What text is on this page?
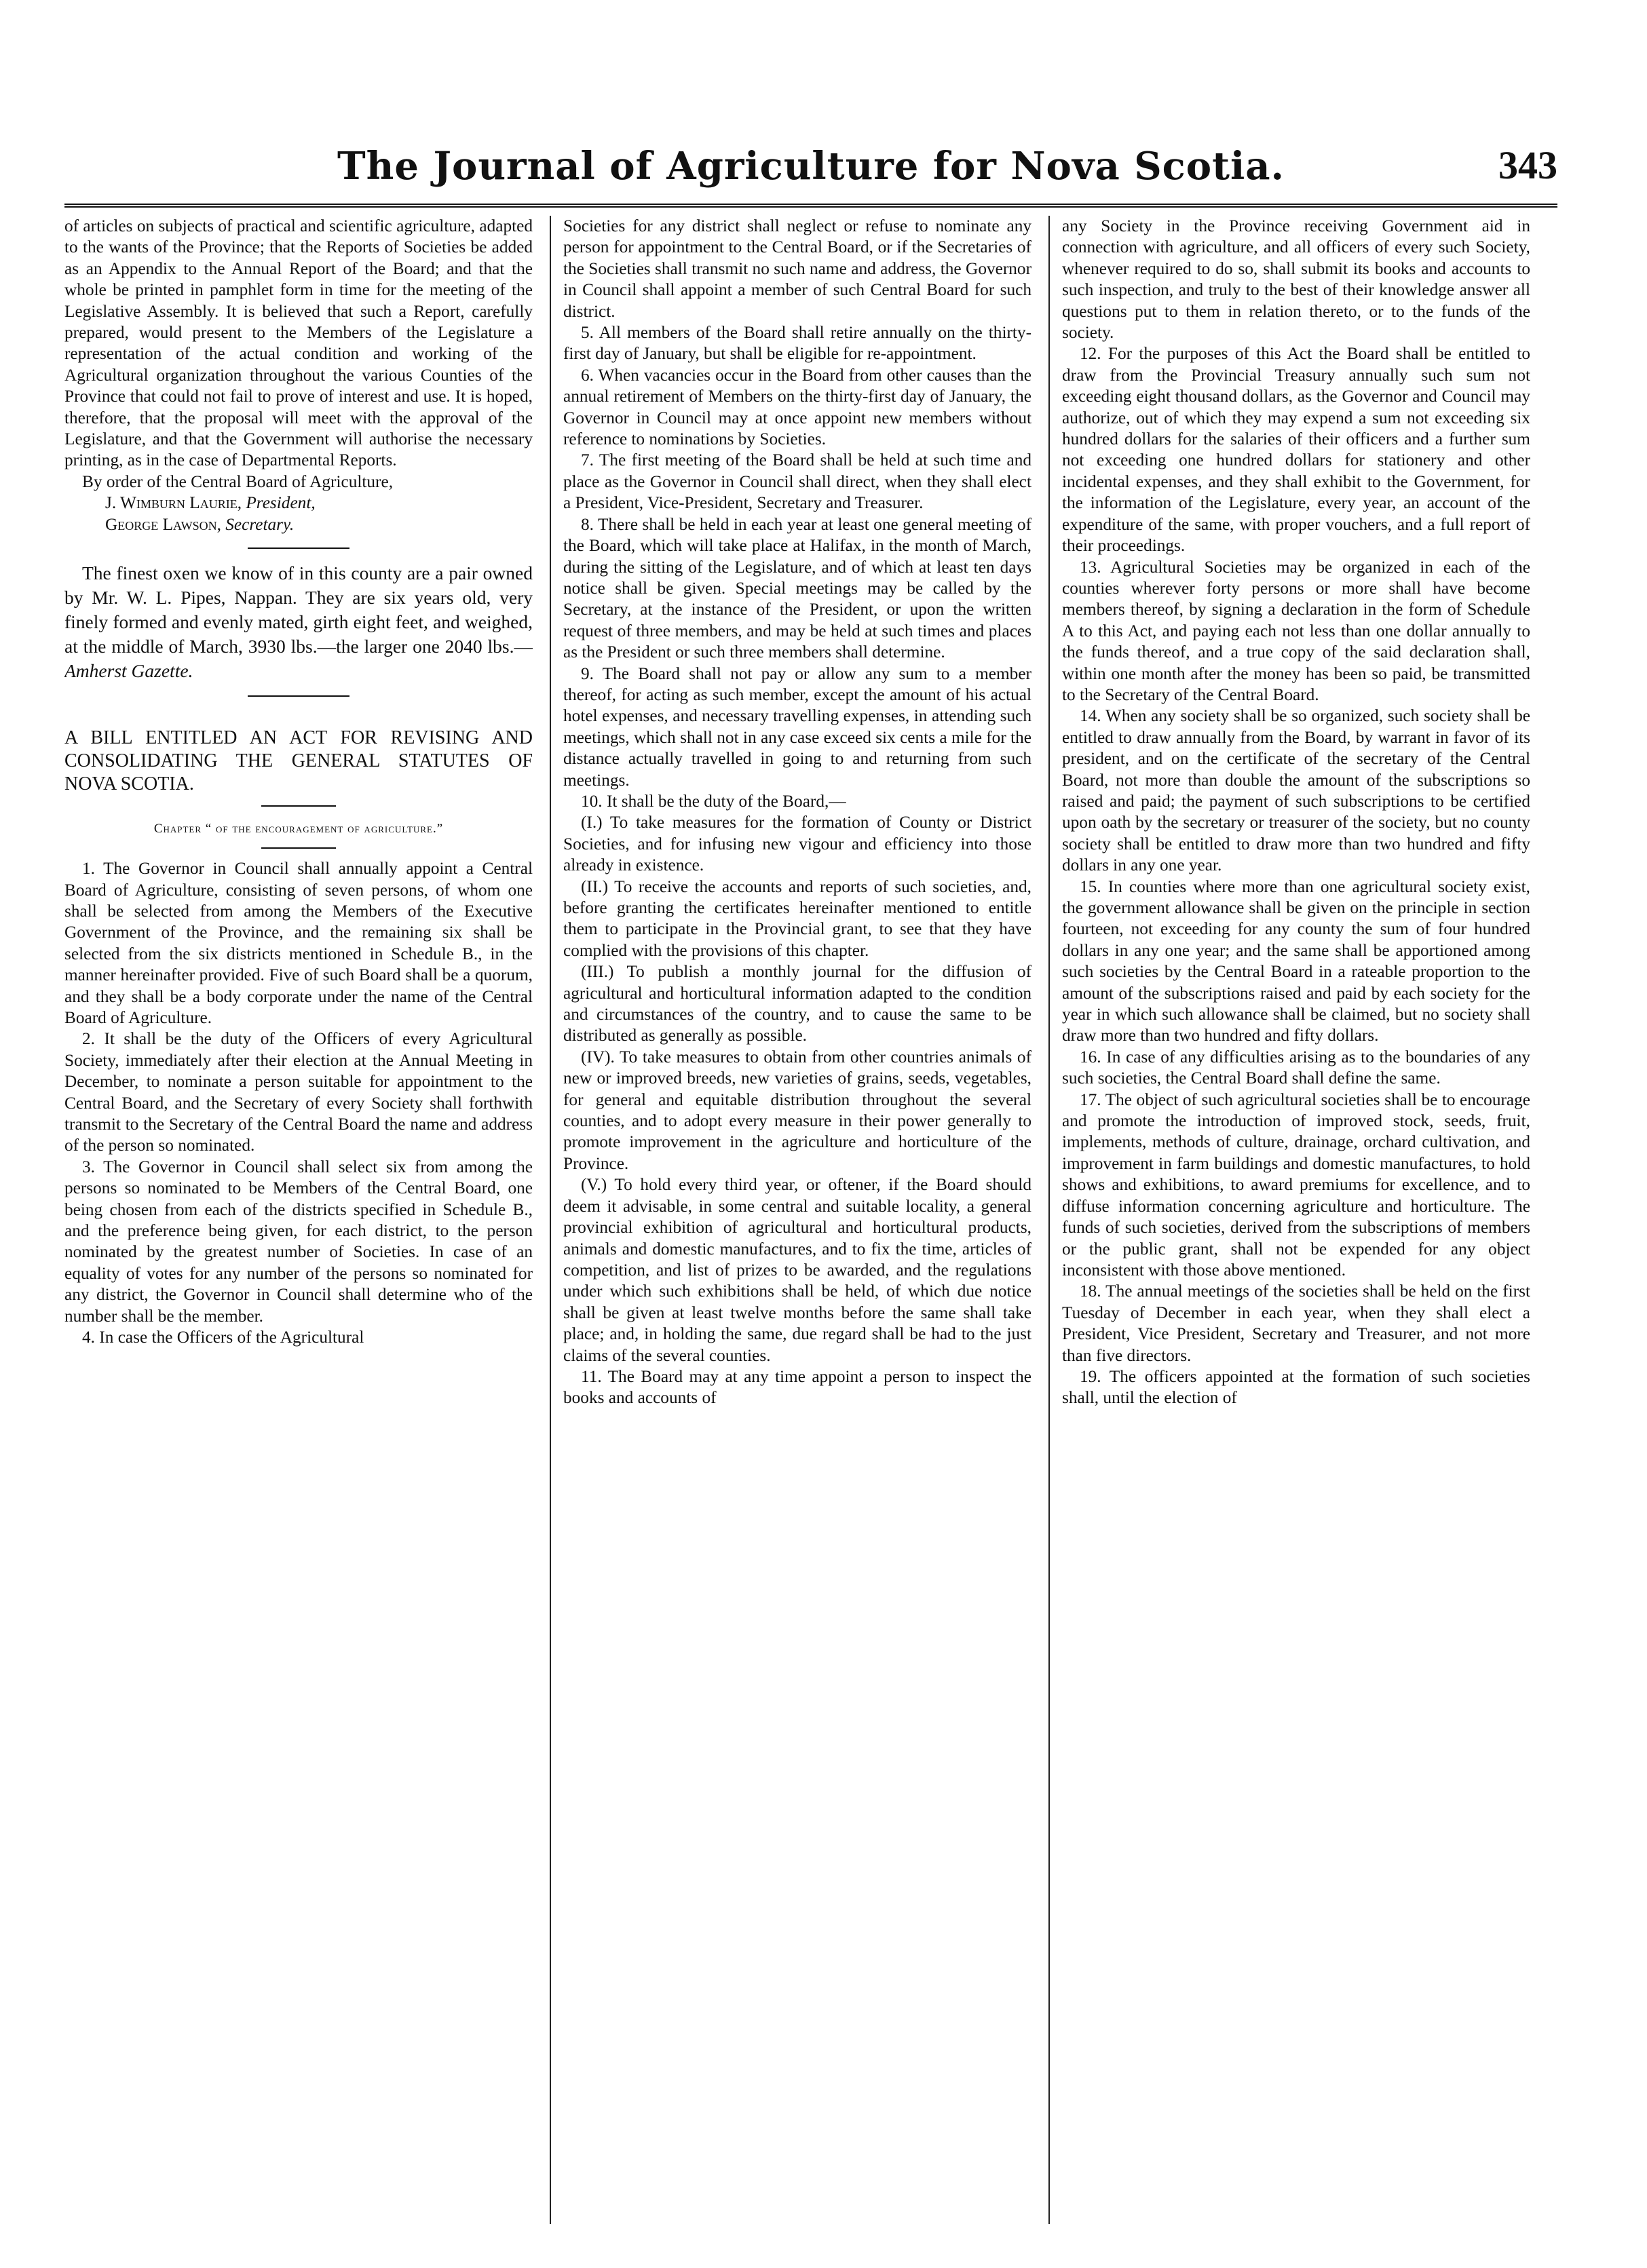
The Journal of Agriculture for Nova Scotia.	343

of articles on subjects of practical and scientific agriculture, adapted to the wants of the Province; that the Reports of Societies be added as an Appendix to the Annual Report of the Board; and that the whole be printed in pamphlet form in time for the meeting of the Legislative Assembly. It is believed that such a Report, carefully prepared, would present to the Members of the Legislature a representation of the actual condition and working of the Agricultural organization throughout the various Counties of the Province that could not fail to prove of interest and use. It is hoped, therefore, that the proposal will meet with the approval of the Legislature, and that the Government will authorise the necessary printing, as in the case of Departmental Reports.

By order of the Central Board of Agriculture,

J. Wimburn Laurie, President,
George Lawson, Secretary.

The finest oxen we know of in this county are a pair owned by Mr. W. L. Pipes, Nappan. They are six years old, very finely formed and evenly mated, girth eight feet, and weighed, at the middle of March, 3930 lbs.—the larger one 2040 lbs.—Amherst Gazette.

A BILL ENTITLED AN ACT FOR REVISING AND CONSOLIDATING THE GENERAL STATUTES OF NOVA SCOTIA.

Chapter “ of the encouragement of agriculture.”

1. The Governor in Council shall annually appoint a Central Board of Agriculture, consisting of seven persons, of whom one shall be selected from among the Members of the Executive Government of the Province, and the remaining six shall be selected from the six districts mentioned in Schedule B., in the manner hereinafter provided. Five of such Board shall be a quorum, and they shall be a body corporate under the name of the Central Board of Agriculture.

2. It shall be the duty of the Officers of every Agricultural Society, immediately after their election at the Annual Meeting in December, to nominate a person suitable for appointment to the Central Board, and the Secretary of every Society shall forthwith transmit to the Secretary of the Central Board the name and address of the person so nominated.

3. The Governor in Council shall select six from among the persons so nominated to be Members of the Central Board, one being chosen from each of the districts specified in Schedule B., and the preference being given, for each district, to the person nominated by the greatest number of Societies. In case of an equality of votes for any number of the persons so nominated for any district, the Governor in Council shall determine who of the number shall be the member.

4. In case the Officers of the Agricultural

Societies for any district shall neglect or refuse to nominate any person for appointment to the Central Board, or if the Secretaries of the Societies shall transmit no such name and address, the Governor in Council shall appoint a member of such Central Board for such district.

5. All members of the Board shall retire annually on the thirty-first day of January, but shall be eligible for re-appointment.

6. When vacancies occur in the Board from other causes than the annual retirement of Members on the thirty-first day of January, the Governor in Council may at once appoint new members without reference to nominations by Societies.

7. The first meeting of the Board shall be held at such time and place as the Governor in Council shall direct, when they shall elect a President, Vice-President, Secretary and Treasurer.

8. There shall be held in each year at least one general meeting of the Board, which will take place at Halifax, in the month of March, during the sitting of the Legislature, and of which at least ten days notice shall be given. Special meetings may be called by the Secretary, at the instance of the President, or upon the written request of three members, and may be held at such times and places as the President or such three members shall determine.

9. The Board shall not pay or allow any sum to a member thereof, for acting as such member, except the amount of his actual hotel expenses, and necessary travelling expenses, in attending such meetings, which shall not in any case exceed six cents a mile for the distance actually travelled in going to and returning from such meetings.

10. It shall be the duty of the Board,—

(I.) To take measures for the formation of County or District Societies, and for infusing new vigour and efficiency into those already in existence.

(II.) To receive the accounts and reports of such societies, and, before granting the certificates hereinafter mentioned to entitle them to participate in the Provincial grant, to see that they have complied with the provisions of this chapter.

(III.) To publish a monthly journal for the diffusion of agricultural and horticultural information adapted to the condition and circumstances of the country, and to cause the same to be distributed as generally as possible.

(IV). To take measures to obtain from other countries animals of new or improved breeds, new varieties of grains, seeds, vegetables, for general and equitable distribution throughout the several counties, and to adopt every measure in their power generally to promote improvement in the agriculture and horticulture of the Province.

(V.) To hold every third year, or oftener, if the Board should deem it advisable, in some central and suitable locality, a general provincial exhibition of agricultural and horticultural products, animals and domestic manufactures, and to fix the time, articles of competition, and list of prizes to be awarded, and the regulations under which such exhibitions shall be held, of which due notice shall be given at least twelve months before the same shall take place; and, in holding the same, due regard shall be had to the just claims of the several counties.

11. The Board may at any time appoint a person to inspect the books and accounts of

any Society in the Province receiving Government aid in connection with agriculture, and all officers of every such Society, whenever required to do so, shall submit its books and accounts to such inspection, and truly to the best of their knowledge answer all questions put to them in relation thereto, or to the funds of the society.

12. For the purposes of this Act the Board shall be entitled to draw from the Provincial Treasury annually such sum not exceeding eight thousand dollars, as the Governor and Council may authorize, out of which they may expend a sum not exceeding six hundred dollars for the salaries of their officers and a further sum not exceeding one hundred dollars for stationery and other incidental expenses, and they shall exhibit to the Government, for the information of the Legislature, every year, an account of the expenditure of the same, with proper vouchers, and a full report of their proceedings.

13. Agricultural Societies may be organized in each of the counties wherever forty persons or more shall have become members thereof, by signing a declaration in the form of Schedule A to this Act, and paying each not less than one dollar annually to the funds thereof, and a true copy of the said declaration shall, within one month after the money has been so paid, be transmitted to the Secretary of the Central Board.

14. When any society shall be so organized, such society shall be entitled to draw annually from the Board, by warrant in favor of its president, and on the certificate of the secretary of the Central Board, not more than double the amount of the subscriptions so raised and paid; the payment of such subscriptions to be certified upon oath by the secretary or treasurer of the society, but no county society shall be entitled to draw more than two hundred and fifty dollars in any one year.

15. In counties where more than one agricultural society exist, the government allowance shall be given on the principle in section fourteen, not exceeding for any county the sum of four hundred dollars in any one year; and the same shall be apportioned among such societies by the Central Board in a rateable proportion to the amount of the subscriptions raised and paid by each society for the year in which such allowance shall be claimed, but no society shall draw more than two hundred and fifty dollars.

16. In case of any difficulties arising as to the boundaries of any such societies, the Central Board shall define the same.

17. The object of such agricultural societies shall be to encourage and promote the introduction of improved stock, seeds, fruit, implements, methods of culture, drainage, orchard cultivation, and improvement in farm buildings and domestic manufactures, to hold shows and exhibitions, to award premiums for excellence, and to diffuse information concerning agriculture and horticulture. The funds of such societies, derived from the subscriptions of members or the public grant, shall not be expended for any object inconsistent with those above mentioned.

18. The annual meetings of the societies shall be held on the first Tuesday of December in each year, when they shall elect a President, Vice President, Secretary and Treasurer, and not more than five directors.

19. The officers appointed at the formation of such societies shall, until the election of
